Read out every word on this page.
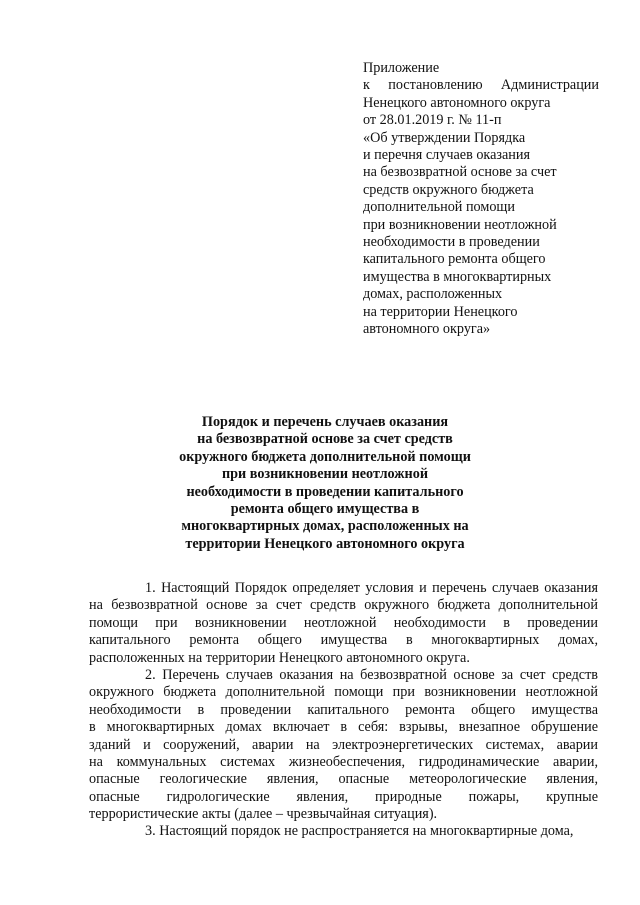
Приложение
к постановлению Администрации
Ненецкого автономного округа
от 28.01.2019 г. № 11-п
«Об утверждении Порядка
и перечня случаев оказания
на безвозвратной основе за счет
средств окружного бюджета
дополнительной помощи
при возникновении неотложной
необходимости в проведении
капитального ремонта общего
имущества в многоквартирных
домах, расположенных
на территории Ненецкого
автономного округа»
Порядок и перечень случаев оказания
на безвозвратной основе за счет средств
окружного бюджета дополнительной помощи
при возникновении неотложной
необходимости в проведении капитального
ремонта общего имущества в
многоквартирных домах, расположенных на
территории Ненецкого автономного округа
1. Настоящий Порядок определяет условия и перечень случаев оказания
на безвозвратной основе за счет средств окружного бюджета дополнительной
помощи при возникновении неотложной необходимости в проведении
капитального ремонта общего имущества в многоквартирных домах,
расположенных на территории Ненецкого автономного округа.
2. Перечень случаев оказания на безвозвратной основе за счет средств
окружного бюджета дополнительной помощи при возникновении неотложной
необходимости в проведении капитального ремонта общего имущества
в многоквартирных домах включает в себя: взрывы, внезапное обрушение
зданий и сооружений, аварии на электроэнергетических системах, аварии
на коммунальных системах жизнеобеспечения, гидродинамические аварии,
опасные геологические явления, опасные метеорологические явления,
опасные гидрологические явления, природные пожары, крупные
террористические акты (далее – чрезвычайная ситуация).
3. Настоящий порядок не распространяется на многоквартирные дома,
